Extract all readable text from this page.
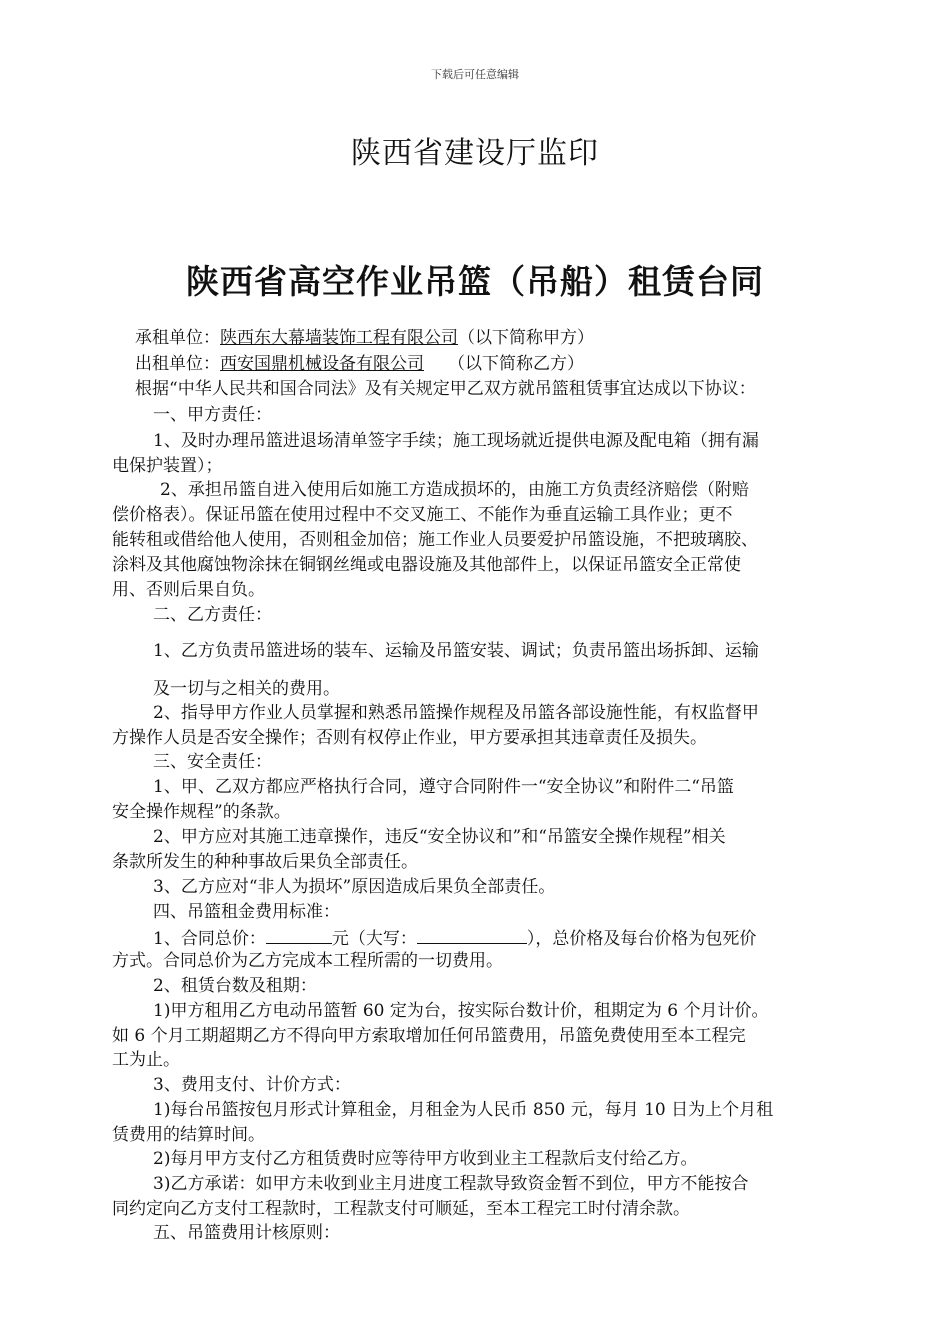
下载后可任意编辑
陕西省建设厅监印
陕西省高空作业吊篮（吊船）租赁台同
承租单位：陕西东大幕墙装饰工程有限公司（以下简称甲方）
出租单位：西安国鼎机械设备有限公司 （以下简称乙方）
根据“中华人民共和国合同法》及有关规定甲乙双方就吊篮租赁事宜达成以下协议：
一、甲方责任：
1、及时办理吊篮进退场清单签字手续；施工现场就近提供电源及配电箱（拥有漏
电保护装置）；
2、承担吊篮自进入使用后如施工方造成损坏的，由施工方负责经济赔偿（附赔
偿价格表）。保证吊篮在使用过程中不交叉施工、不能作为垂直运输工具作业；更不
能转租或借给他人使用，否则租金加倍；施工作业人员要爱护吊篮设施，不把玻璃胶、
涂料及其他腐蚀物涂抹在铜钢丝绳或电器设施及其他部件上，以保证吊篮安全正常使
用、否则后果自负。
二、乙方责任：
1、乙方负责吊篮进场的装车、运输及吊篮安装、调试；负责吊篮出场拆卸、运输
及一切与之相关的费用。
2、指导甲方作业人员掌握和熟悉吊篮操作规程及吊篮各部设施性能，有权监督甲
方操作人员是否安全操作；否则有权停止作业，甲方要承担其违章责任及损失。
三、安全责任：
1、甲、乙双方都应严格执行合同，遵守合同附件一“安全协议”和附件二“吊篮
安全操作规程”的条款。
2、甲方应对其施工违章操作，违反“安全协议和”和“吊篮安全操作规程”相关
条款所发生的种种事故后果负全部责任。
3、乙方应对“非人为损坏”原因造成后果负全部责任。
四、吊篮租金费用标准：
1、合同总价：	元（大写：	），总价格及每台价格为包死价
方式。合同总价为乙方完成本工程所需的一切费用。
2、租赁台数及租期：
1)甲方租用乙方电动吊篮暂 60 定为台，按实际台数计价，租期定为 6 个月计价。
如 6 个月工期超期乙方不得向甲方索取增加任何吊篮费用，吊篮免费使用至本工程完
工为止。
3、费用支付、计价方式：
1)每台吊篮按包月形式计算租金，月租金为人民币 850 元，每月 10 日为上个月租
赁费用的结算时间。
2)每月甲方支付乙方租赁费时应等待甲方收到业主工程款后支付给乙方。
3)乙方承诺：如甲方未收到业主月进度工程款导致资金暂不到位，甲方不能按合
同约定向乙方支付工程款时，工程款支付可顺延，至本工程完工时付清余款。
五、吊篮费用计核原则：
